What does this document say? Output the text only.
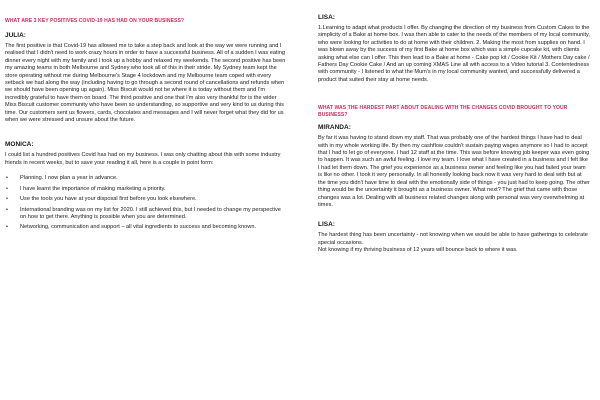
WHAT ARE 3 KEY POSITIVES COVID-19 HAS HAD ON YOUR BUSINESS?

JULIA:

The first positive is that Covid-19 has allowed me to take a step back and look at the way we were running and I realised that I didn't need to work crazy hours in order to have a successful business. All of a sudden I was eating dinner every night with my family and I took up a hobby and relaxed my weekends. The second positive has been my amazing teams in both Melbourne and Sydney who took all of this in their stride. My Sydney team kept the store operating without me during Melbourne's Stage 4 lockdown and my Melbourne team coped with every setback we had along the way (including having to go through a second round of cancellations and refunds when we should have been opening up again). Miss Biscuit would not be where it is today without them and I'm incredibly grateful to have them on board. The third positive and one that I'm also very thankful for is the wider Miss Biscuit customer community who have been so understanding, so supportive and very kind to us during this time. Our customers sent us flowers, cards, chocolates and messages and I will never forget what they did for us when we were stressed and unsure about the future.

MONICA:

I could list a hundred positives Covid has had on my business. I was only chatting about this with some industry friends in recent weeks, but to save your reading it all, here is a couple in point form:

•	Planning. I now plan a year in advance.
•	I have learnt the importance of making marketing a priority.
•	Use the tools you have at your disposal first before you look elsewhere.
•	International branding was on my list for 2020. I still achieved this, but I needed to change my perspective on how to get there. Anything is possible when you are determined.
•	Networking, communication and support – all vital ingredients to success and becoming known.

LISA:

1.Learning to adapt what products I offer. By changing the direction of my business from Custom Cakes to the simplicity of a Bake at home box. I was then able to cater to the needs of the members of my local community, who were looking for activities to do at home with their children. 2. Making the most from supplies on hand. I was blown away by the success of my first Bake at home box which was a simple cupcake kit, with clients asking what else can I offer. This then lead to a Bake at home - Cake pop kit / Cookie Kit / Mothers Day cake / Fathers Day Cookie Cake / And an up coming XMAS Line all with access to a Video tutorial 3. Contentedness with community - I listened to what the Mum's in my local community wanted, and successfully delivered a product that suited their stay at home needs.

WHAT WAS THE HARDEST PART ABOUT DEALING WITH THE CHANGES COVID BROUGHT TO YOUR BUSINESS?

MIRANDA:

By far it was having to stand down my staff. That was probably one of the hardest things I have had to deal with in my whole working life. By then my cashflow couldn't sustain paying wages anymore so I had to accept that I had to let go of everyone. I had 12 staff at the time. This was before knowing job keeper was even going to happen. It was such an awful feeling. I love my team. I love what I have created in a business and I felt like I had let them down. The grief you experience as a business owner and feeling like you had failed your team is like no other. I took it very personally. In all honestly looking back now it was very hard to deal with but at the time you didn't have time to deal with the emotionally side of things - you just had to keep going. The other thing would be the uncertainty it brought as a business owner. What next? The grief that came with those changes was a lot. Dealing with all business related changes along with personal was very overwhelming at times.

LISA:

The hardest thing has been uncertainty - not knowing when we would be able to have gatherings to celebrate special occasions.

Not knowing if my thriving business of 12 years will bounce back to where it was.
